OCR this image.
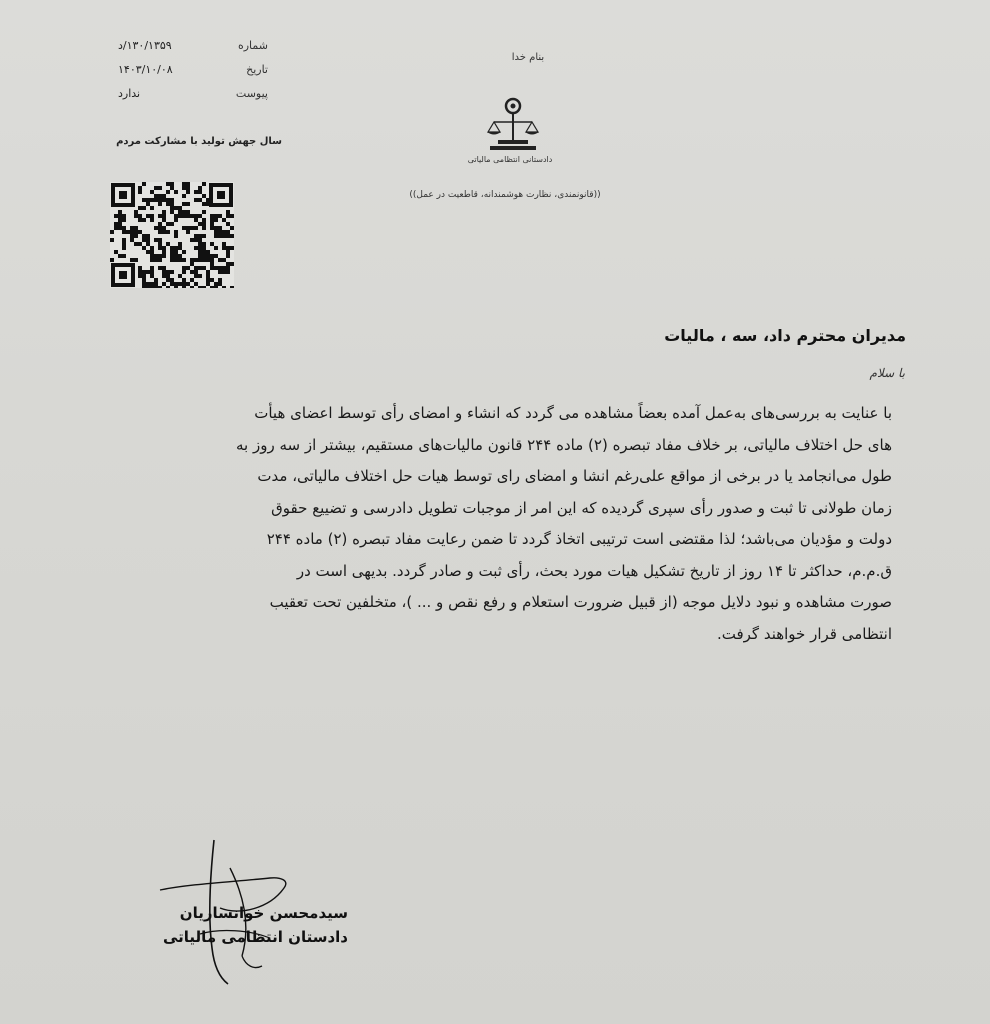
شماره
۱۳۰/۱۳۵۹/د
تاریخ
۱۴۰۳/۱۰/۰۸
پیوست
ندارد
سال جهش تولید با مشارکت مردم
بنام خدا
دادستانی انتظامی مالیاتی
((قانونمندی، نظارت هوشمندانه، قاطعیت در عمل))
مدیران محترم داد، سه ، مالیات
با سلام
با عنایت به بررسی‌های به‌عمل آمده بعضاً مشاهده می گردد که انشاء و امضای رأی توسط اعضای هیأت
های حل اختلاف مالیاتی، بر خلاف مفاد تبصره (۲) ماده ۲۴۴ قانون مالیات‌های مستقیم، بیشتر از سه روز به
طول می‌انجامد یا در برخی از مواقع علی‌رغم انشا و امضای رای توسط هیات حل اختلاف مالیاتی، مدت
زمان طولانی تا ثبت و صدور رأی سپری گردیده که این امر از موجبات تطویل دادرسی و تضییع حقوق
دولت و مؤدیان می‌باشد؛ لذا مقتضی است ترتیبی اتخاذ گردد تا ضمن رعایت مفاد تبصره (۲) ماده ۲۴۴
ق.م.م، حداکثر تا ۱۴ روز از تاریخ تشکیل هیات مورد بحث، رأی ثبت و صادر گردد. بدیهی است در
صورت مشاهده و نبود دلایل موجه (از قبیل ضرورت استعلام و رفع نقص و ... )، متخلفین تحت تعقیب
انتظامی قرار خواهند گرفت.
سیدمحسن خوانساریان
دادستان انتظامی مالیاتی
